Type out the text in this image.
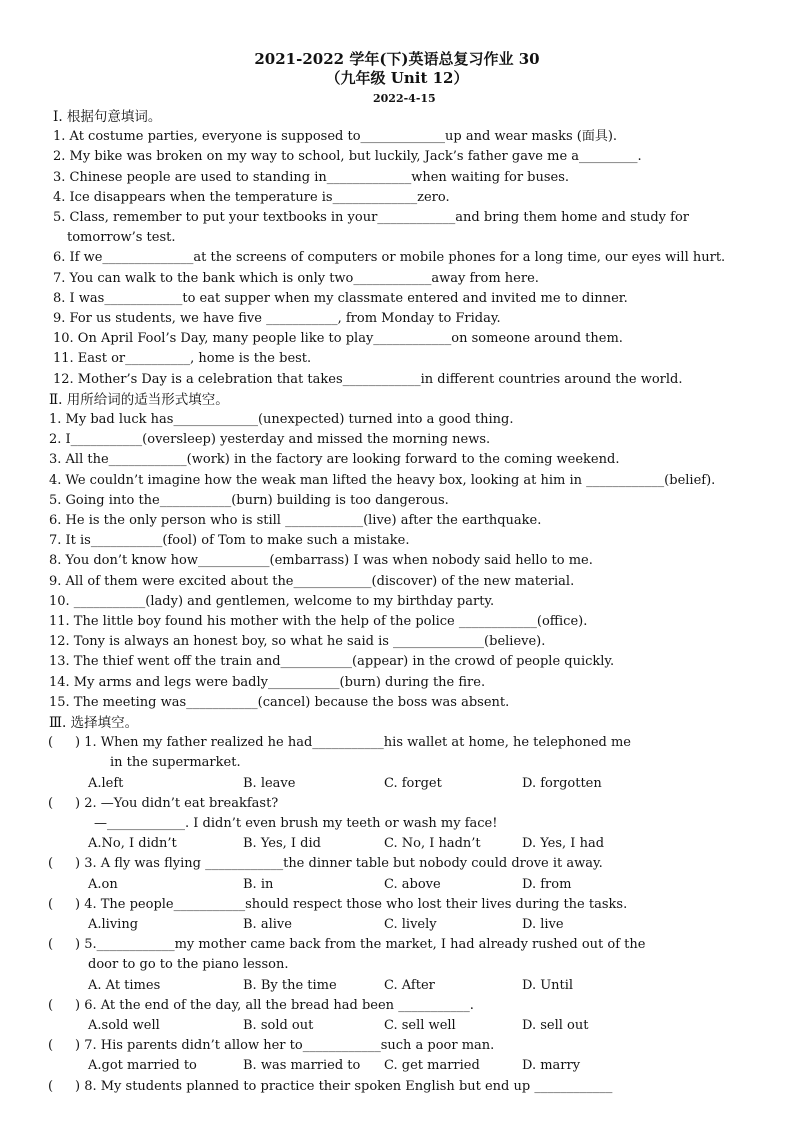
2021-2022 学年(下)英语总复习作业 30
（九年级 Unit 12）
2022-4-15
Ⅰ. 根据句意填词。
1. At costume parties, everyone is supposed to_____________up and wear masks (面具).
2. My bike was broken on my way to school, but luckily, Jack’s father gave me a_________.
3. Chinese people are used to standing in_____________when waiting for buses.
4. Ice disappears when the temperature is_____________zero.
5. Class, remember to put your textbooks in your____________and bring them home and study for
tomorrow’s test.
6. If we______________at the screens of computers or mobile phones for a long time, our eyes will hurt.
7. You can walk to the bank which is only two____________away from here.
8. I was____________to eat supper when my classmate entered and invited me to dinner.
9. For us students, we have five ___________, from Monday to Friday.
10. On April Fool’s Day, many people like to play____________on someone around them.
11. East or__________, home is the best.
12. Mother’s Day is a celebration that takes____________in different countries around the world.
Ⅱ. 用所给词的适当形式填空。
1. My bad luck has_____________(unexpected) turned into a good thing.
2. I___________(oversleep) yesterday and missed the morning news.
3. All the____________(work) in the factory are looking forward to the coming weekend.
4. We couldn’t imagine how the weak man lifted the heavy box, looking at him in ____________(belief).
5. Going into the___________(burn) building is too dangerous.
6. He is the only person who is still ____________(live) after the earthquake.
7. It is___________(fool) of Tom to make such a mistake.
8. You don’t know how___________(embarrass) I was when nobody said hello to me.
9. All of them were excited about the____________(discover) of the new material.
10. ___________(lady) and gentlemen, welcome to my birthday party.
11. The little boy found his mother with the help of the police ____________(office).
12. Tony is always an honest boy, so what he said is ______________(believe).
13. The thief went off the train and___________(appear) in the crowd of people quickly.
14. My arms and legs were badly___________(burn) during the fire.
15. The meeting was___________(cancel) because the boss was absent.
Ⅲ. 选择填空。
( ) 1. When my father realized he had___________his wallet at home, he telephoned me
in the supermarket.
A.left	B. leave	C. forget	D. forgotten
( ) 2. —You didn’t eat breakfast?
—____________. I didn’t even brush my teeth or wash my face!
A.No, I didn’t	B. Yes, I did	C. No, I hadn’t	D. Yes, I had
( ) 3. A fly was flying ____________the dinner table but nobody could drove it away.
A.on	B. in	C. above	D. from
( ) 4. The people___________should respect those who lost their lives during the tasks.
A.living	B. alive	C. lively	D. live
( ) 5.____________my mother came back from the market, I had already rushed out of the
door to go to the piano lesson.
A. At times	B. By the time	C. After	D. Until
( ) 6. At the end of the day, all the bread had been ___________.
A.sold well	B. sold out	C. sell well	D. sell out
( ) 7. His parents didn’t allow her to____________such a poor man.
A.got married to	B. was married to C. get married	D. marry
( ) 8. My students planned to practice their spoken English but end up ____________
